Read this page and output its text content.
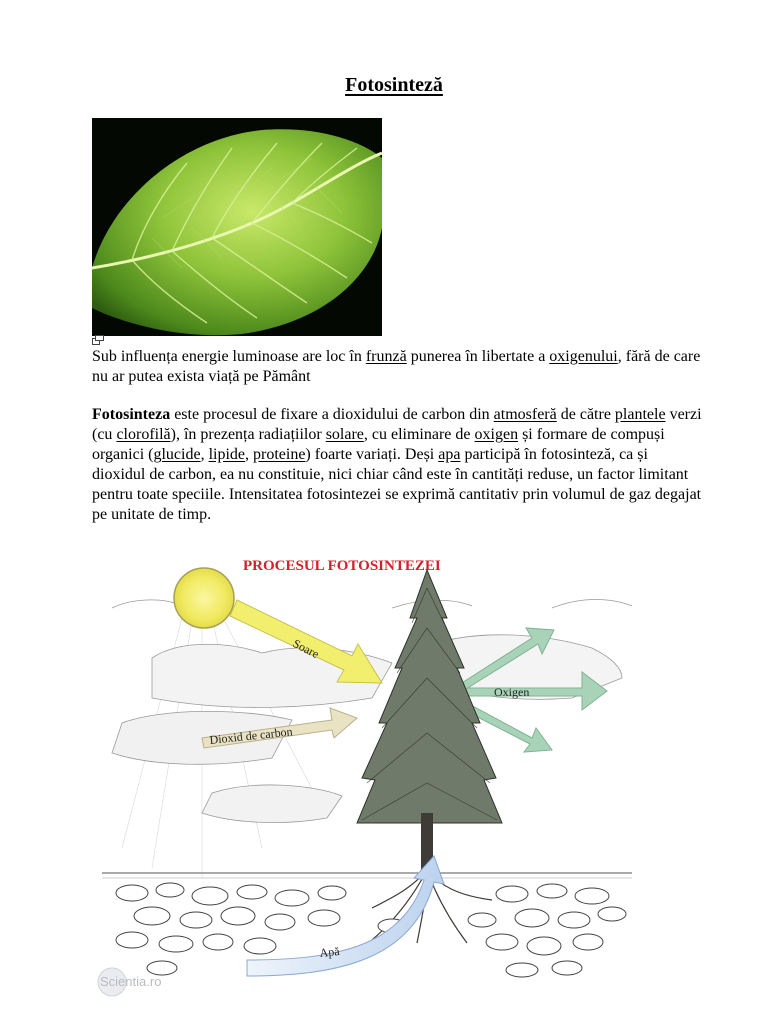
Fotosinteză
Sub influența energie luminoase are loc în frunză punerea în libertate a oxigenului, fără de care nu ar putea exista viață pe Pământ
Fotosinteza este procesul de fixare a dioxidului de carbon din atmosferă de către plantele verzi (cu clorofilă), în prezența radiațiilor solare, cu eliminare de oxigen și formare de compuși organici (glucide, lipide, proteine) foarte variați. Deși apa participă în fotosinteză, ca și dioxidul de carbon, ea nu constituie, nici chiar când este în cantități reduse, un factor limitant pentru toate speciile. Intensitatea fotosintezei se exprimă cantitativ prin volumul de gaz degajat pe unitate de timp.
PROCESUL FOTOSINTEZEI
Soare
Dioxid de carbon
Oxigen
Apă
Scientia.ro
